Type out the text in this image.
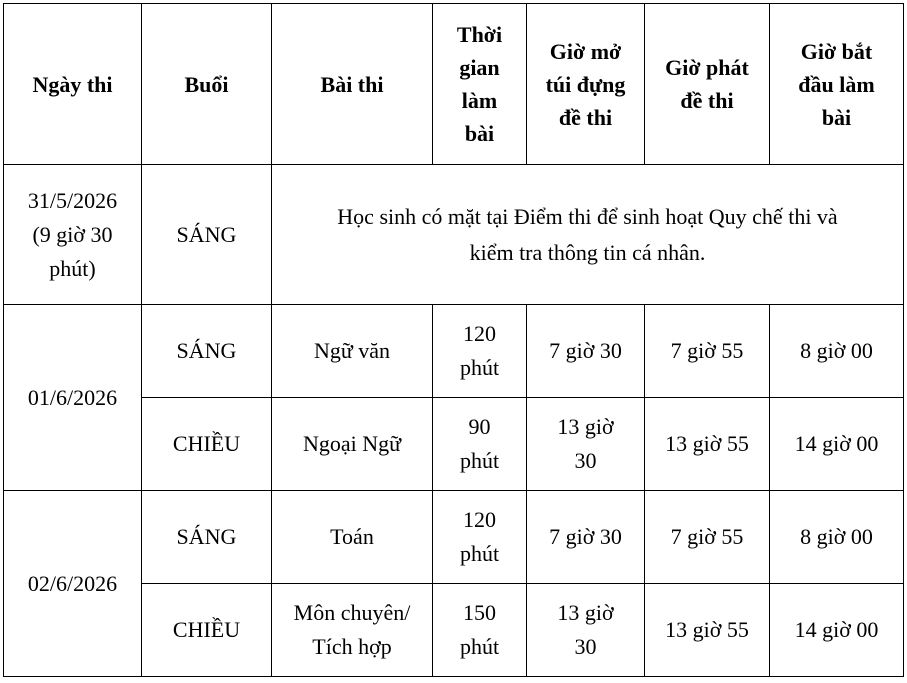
Ngày thi	Buổi	Bài thi	Thời
gian
làm
bài	Giờ mở
túi đựng
đề thi	Giờ phát
đề thi	Giờ bắt
đầu làm
bài
31/5/2026
(9 giờ 30
phút)	SÁNG	Học sinh có mặt tại Điểm thi để sinh hoạt Quy chế thi và
kiểm tra thông tin cá nhân.				
01/6/2026	SÁNG	Ngữ văn	120
phút	7 giờ 30	7 giờ 55	8 giờ 00
	CHIỀU	Ngoại Ngữ	90
phút	13 giờ
30	13 giờ 55	14 giờ 00
02/6/2026	SÁNG	Toán	120
phút	7 giờ 30	7 giờ 55	8 giờ 00
	CHIỀU	Môn chuyên/
Tích hợp	150
phút	13 giờ
30	13 giờ 55	14 giờ 00
